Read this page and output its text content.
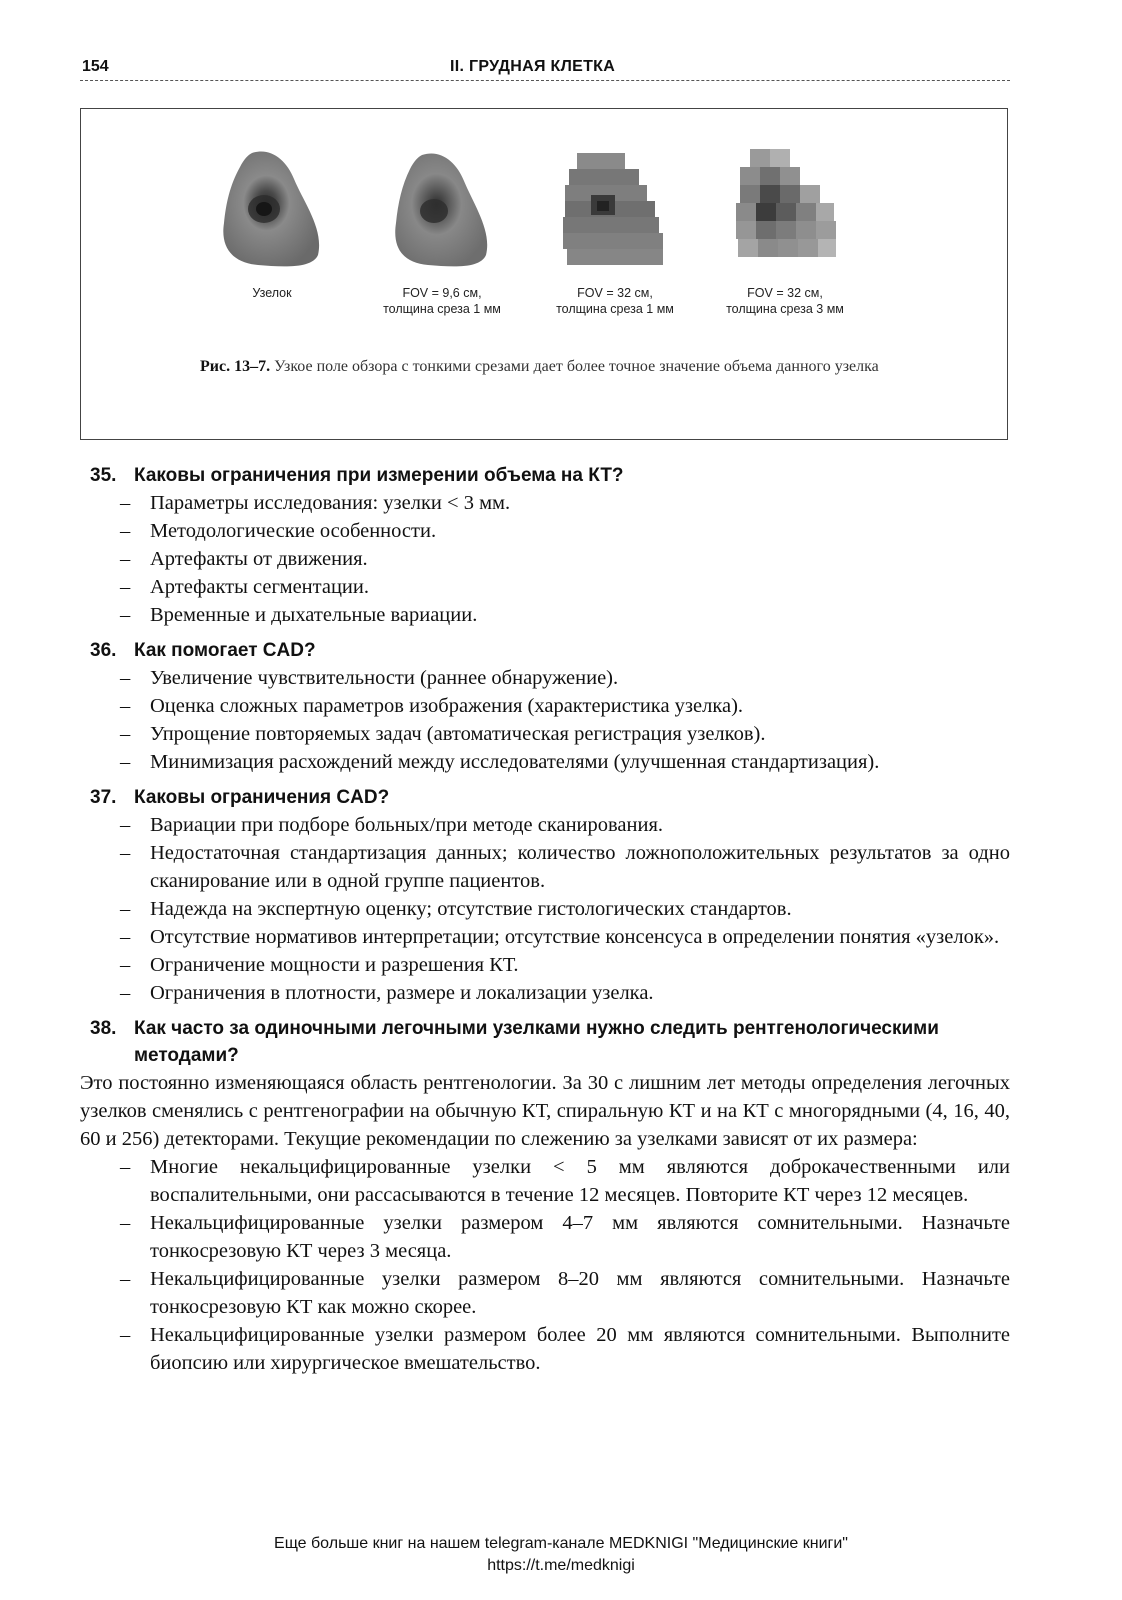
154	II. ГРУДНАЯ КЛЕТКА
Узелок	FOV = 9,6 см,
толщина среза 1 мм
FOV = 32 см,
толщина среза 1 мм
FOV = 32 см,
толщина среза 3 мм
Рис. 13–7. Узкое поле обзора с тонкими срезами дает более точное значение объема данного узелка
35. Каковы ограничения при измерении объема на КТ?
– Параметры исследования: узелки < 3 мм.
– Методологические особенности.
– Артефакты от движения.
– Артефакты сегментации.
– Временные и дыхательные вариации.
36. Как помогает CAD?
– Увеличение чувствительности (раннее обнаружение).
– Оценка сложных параметров изображения (характеристика узелка).
– Упрощение повторяемых задач (автоматическая регистрация узелков).
– Минимизация расхождений между исследователями (улучшенная стандартизация).
37. Каковы ограничения CAD?
– Вариации при подборе больных/при методе сканирования.
– Недостаточная стандартизация данных; количество ложноположительных результатов за одно сканирование или в одной группе пациентов.
– Надежда на экспертную оценку; отсутствие гистологических стандартов.
– Отсутствие нормативов интерпретации; отсутствие консенсуса в определении понятия «узелок».
– Ограничение мощности и разрешения КТ.
– Ограничения в плотности, размере и локализации узелка.
38. Как часто за одиночными легочными узелками нужно следить рентгенологическими методами?
Это постоянно изменяющаяся область рентгенологии. За 30 с лишним лет методы определения легочных узелков сменялись с рентгенографии на обычную КТ, спиральную КТ и на КТ с многорядными (4, 16, 40, 60 и 256) детекторами. Текущие рекомендации по слежению за узелками зависят от их размера:
– Многие некальцифицированные узелки < 5 мм являются доброкачественными или воспалительными, они рассасываются в течение 12 месяцев. Повторите КТ через 12 месяцев.
– Некальцифицированные узелки размером 4–7 мм являются сомнительными. Назначьте тонкосрезовую КТ через 3 месяца.
– Некальцифицированные узелки размером 8–20 мм являются сомнительными. Назначьте тонкосрезовую КТ как можно скорее.
– Некальцифицированные узелки размером более 20 мм являются сомнительными. Выполните биопсию или хирургическое вмешательство.
Еще больше книг на нашем telegram-канале MEDKNIGI "Медицинские книги"
https://t.me/medknigi
